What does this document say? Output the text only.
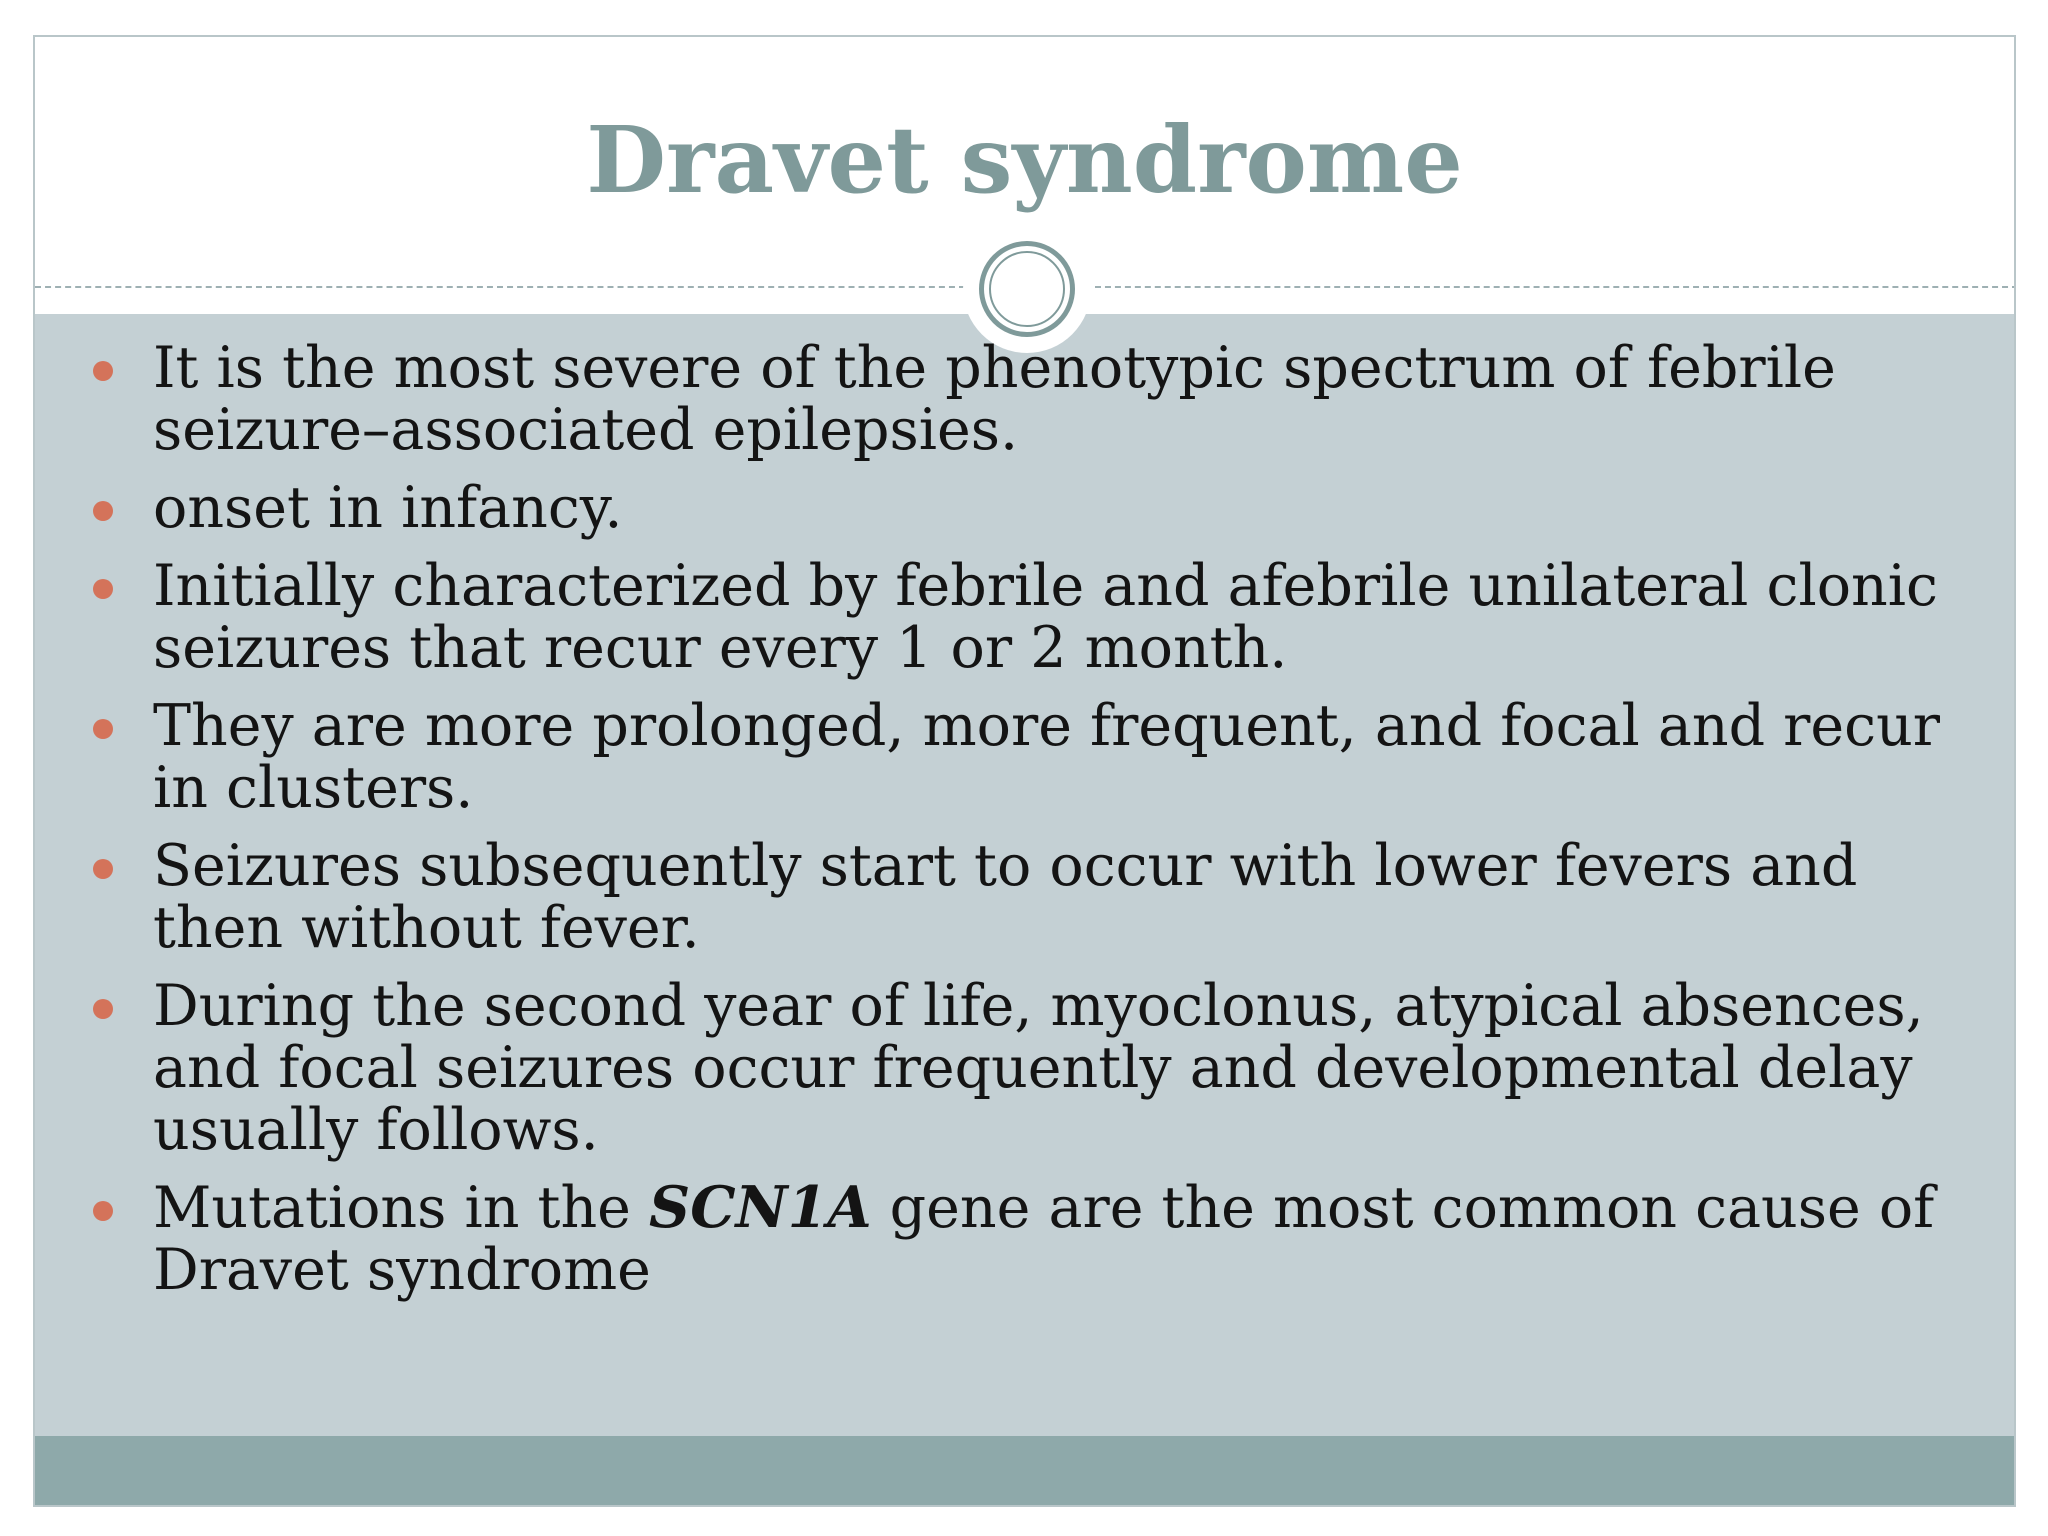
Dravet syndrome
It is the most severe of the phenotypic spectrum of febrile seizure–associated epilepsies.
onset in infancy.
Initially characterized by febrile and afebrile unilateral clonic seizures that recur every 1 or 2 month.
They are more prolonged, more frequent, and focal and recur in clusters.
Seizures subsequently start to occur with lower fevers and then without fever.
During the second year of life, myoclonus, atypical absences, and focal seizures occur frequently and developmental delay usually follows.
Mutations in the SCN1A gene are the most common cause of Dravet syndrome
